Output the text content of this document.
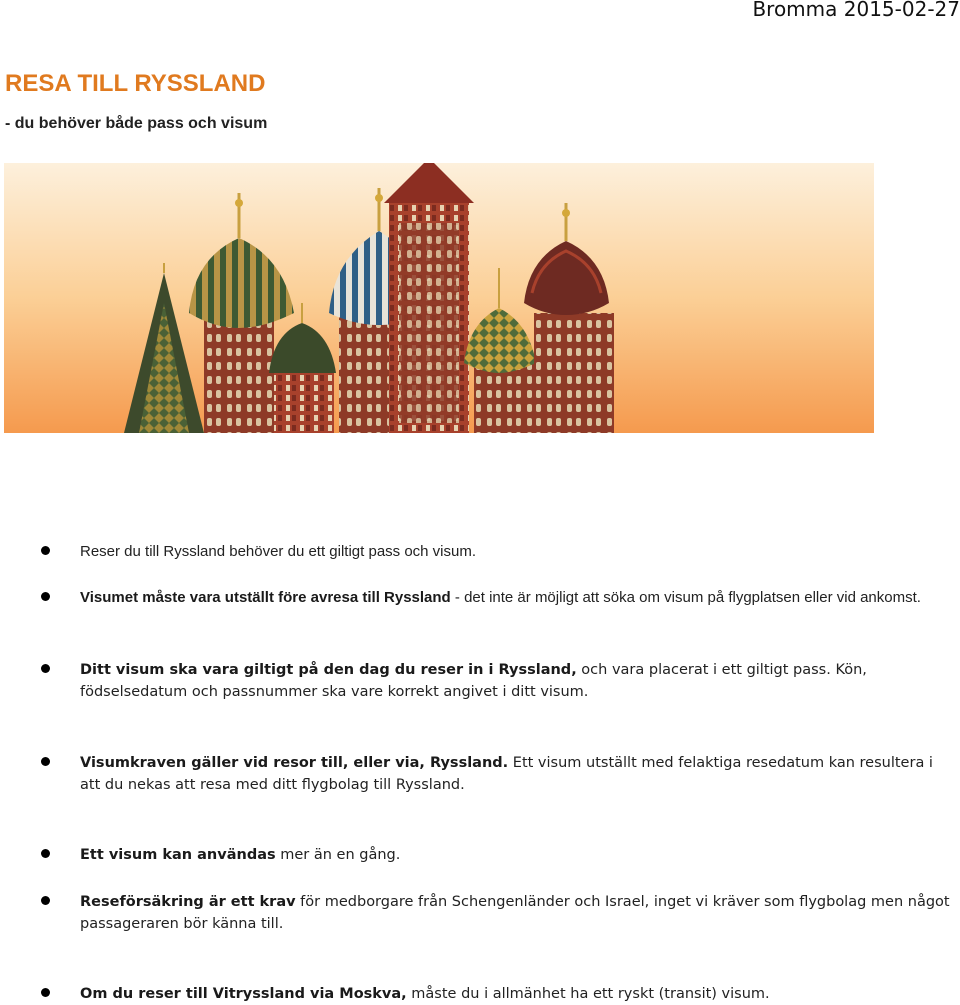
Bromma 2015-02-27
RESA TILL RYSSLAND
- du behöver både pass och visum
Reser du till Ryssland behöver du ett giltigt pass och visum.
Visumet måste vara utställt före avresa till Ryssland - det inte är möjligt att söka om visum på flygplatsen eller vid ankomst.
Ditt visum ska vara giltigt på den dag du reser in i Ryssland, och vara placerat i ett giltigt pass. Kön, födselsedatum och passnummer ska vare korrekt angivet i ditt visum.
Visumkraven gäller vid resor till, eller via, Ryssland. Ett visum utställt med felaktiga resedatum kan resultera i att du nekas att resa med ditt flygbolag till Ryssland.
Ett visum kan användas mer än en gång.
Reseförsäkring är ett krav för medborgare från Schengenländer och Israel, inget vi kräver som flygbolag men något passageraren bör känna till.
Om du reser till Vitryssland via Moskva, måste du i allmänhet ha ett ryskt (transit) visum.
